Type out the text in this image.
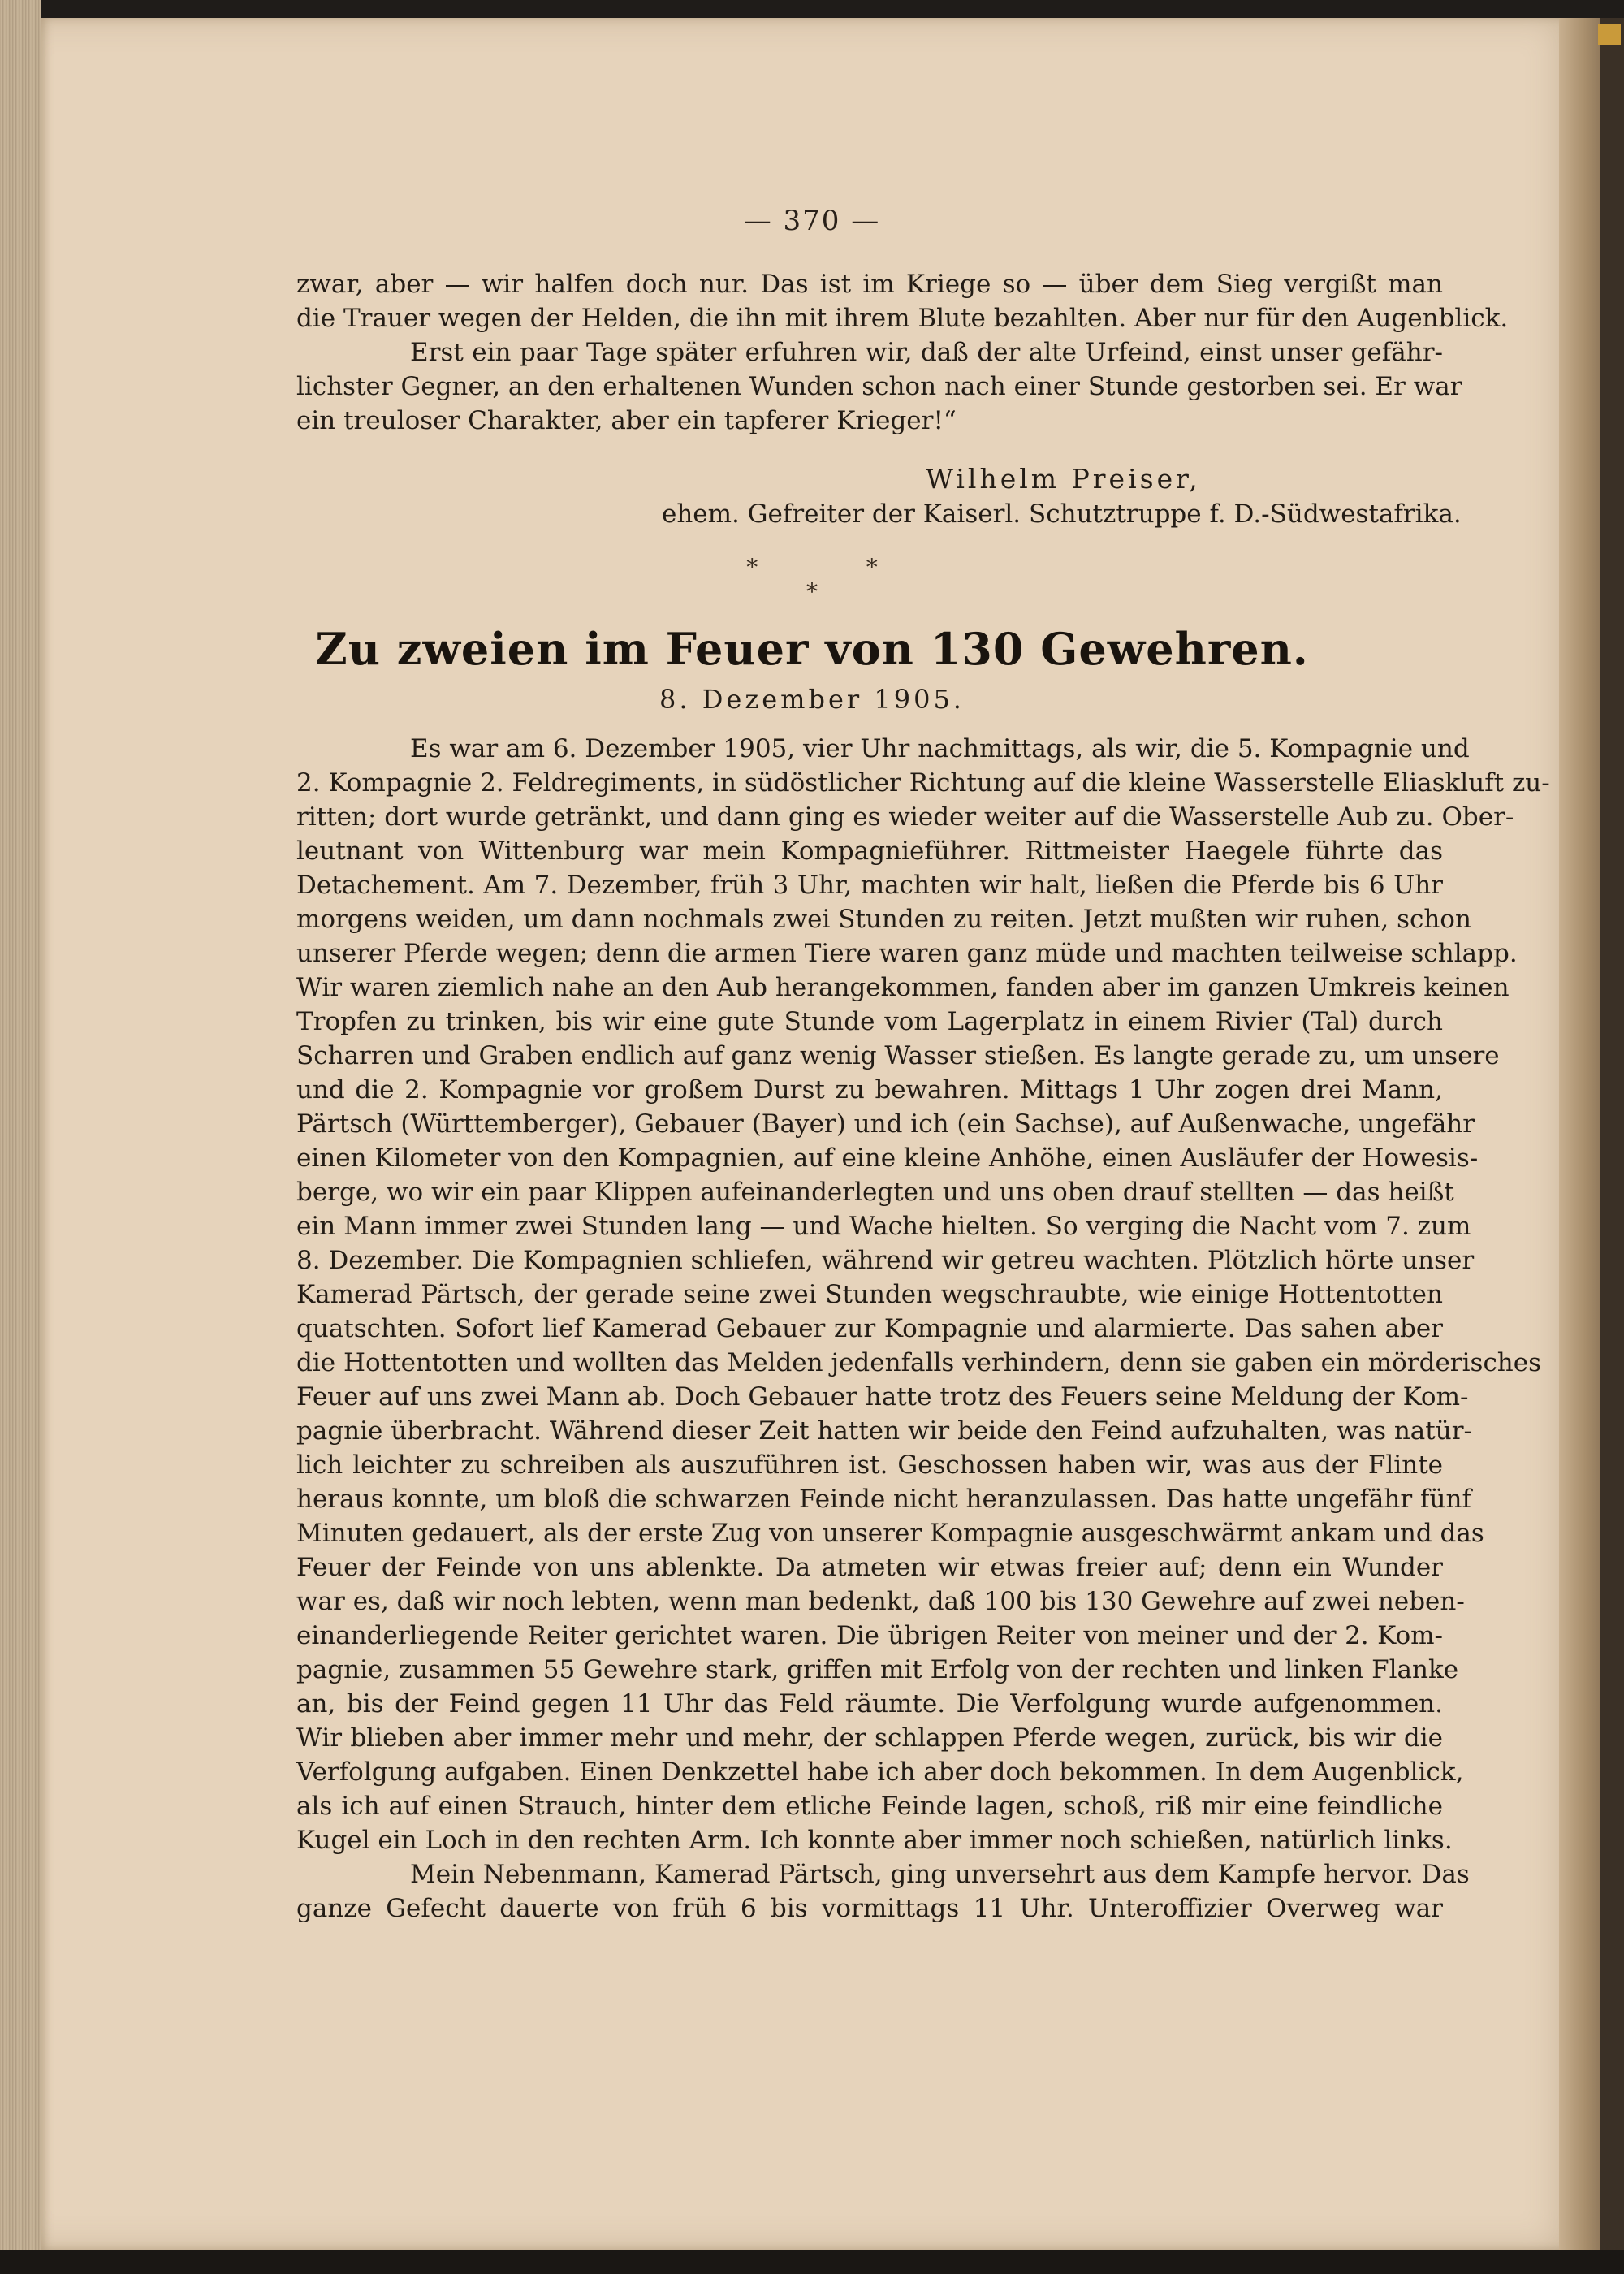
— 370 —
zwar, aber — wir halfen doch nur. Das ist im Kriege so — über dem Sieg vergißt man
die Trauer wegen der Helden, die ihn mit ihrem Blute bezahlten. Aber nur für den Augenblick.
Erst ein paar Tage später erfuhren wir, daß der alte Urfeind, einst unser gefähr-
lichster Gegner, an den erhaltenen Wunden schon nach einer Stunde gestorben sei. Er war
ein treuloser Charakter, aber ein tapferer Krieger!“
Wilhelm Preiser,
ehem. Gefreiter der Kaiserl. Schutztruppe f. D.-Südwestafrika.
*               *
*
Zu zweien im Feuer von 130 Gewehren.
8. Dezember 1905.
Es war am 6. Dezember 1905, vier Uhr nachmittags, als wir, die 5. Kompagnie und
2. Kompagnie 2. Feldregiments, in südöstlicher Richtung auf die kleine Wasserstelle Eliaskluft zu-
ritten; dort wurde getränkt, und dann ging es wieder weiter auf die Wasserstelle Aub zu. Ober-
leutnant von Wittenburg war mein Kompagnieführer. Rittmeister Haegele führte das
Detachement. Am 7. Dezember, früh 3 Uhr, machten wir halt, ließen die Pferde bis 6 Uhr
morgens weiden, um dann nochmals zwei Stunden zu reiten. Jetzt mußten wir ruhen, schon
unserer Pferde wegen; denn die armen Tiere waren ganz müde und machten teilweise schlapp.
Wir waren ziemlich nahe an den Aub herangekommen, fanden aber im ganzen Umkreis keinen
Tropfen zu trinken, bis wir eine gute Stunde vom Lagerplatz in einem Rivier (Tal) durch
Scharren und Graben endlich auf ganz wenig Wasser stießen. Es langte gerade zu, um unsere
und die 2. Kompagnie vor großem Durst zu bewahren. Mittags 1 Uhr zogen drei Mann,
Pärtsch (Württemberger), Gebauer (Bayer) und ich (ein Sachse), auf Außenwache, ungefähr
einen Kilometer von den Kompagnien, auf eine kleine Anhöhe, einen Ausläufer der Howesis-
berge, wo wir ein paar Klippen aufeinanderlegten und uns oben drauf stellten — das heißt
ein Mann immer zwei Stunden lang — und Wache hielten. So verging die Nacht vom 7. zum
8. Dezember. Die Kompagnien schliefen, während wir getreu wachten. Plötzlich hörte unser
Kamerad Pärtsch, der gerade seine zwei Stunden wegschraubte, wie einige Hottentotten
quatschten. Sofort lief Kamerad Gebauer zur Kompagnie und alarmierte. Das sahen aber
die Hottentotten und wollten das Melden jedenfalls verhindern, denn sie gaben ein mörderisches
Feuer auf uns zwei Mann ab. Doch Gebauer hatte trotz des Feuers seine Meldung der Kom-
pagnie überbracht. Während dieser Zeit hatten wir beide den Feind aufzuhalten, was natür-
lich leichter zu schreiben als auszuführen ist. Geschossen haben wir, was aus der Flinte
heraus konnte, um bloß die schwarzen Feinde nicht heranzulassen. Das hatte ungefähr fünf
Minuten gedauert, als der erste Zug von unserer Kompagnie ausgeschwärmt ankam und das
Feuer der Feinde von uns ablenkte. Da atmeten wir etwas freier auf; denn ein Wunder
war es, daß wir noch lebten, wenn man bedenkt, daß 100 bis 130 Gewehre auf zwei neben-
einanderliegende Reiter gerichtet waren. Die übrigen Reiter von meiner und der 2. Kom-
pagnie, zusammen 55 Gewehre stark, griffen mit Erfolg von der rechten und linken Flanke
an, bis der Feind gegen 11 Uhr das Feld räumte. Die Verfolgung wurde aufgenommen.
Wir blieben aber immer mehr und mehr, der schlappen Pferde wegen, zurück, bis wir die
Verfolgung aufgaben. Einen Denkzettel habe ich aber doch bekommen. In dem Augenblick,
als ich auf einen Strauch, hinter dem etliche Feinde lagen, schoß, riß mir eine feindliche
Kugel ein Loch in den rechten Arm. Ich konnte aber immer noch schießen, natürlich links.
Mein Nebenmann, Kamerad Pärtsch, ging unversehrt aus dem Kampfe hervor. Das
ganze Gefecht dauerte von früh 6 bis vormittags 11 Uhr. Unteroffizier Overweg war
